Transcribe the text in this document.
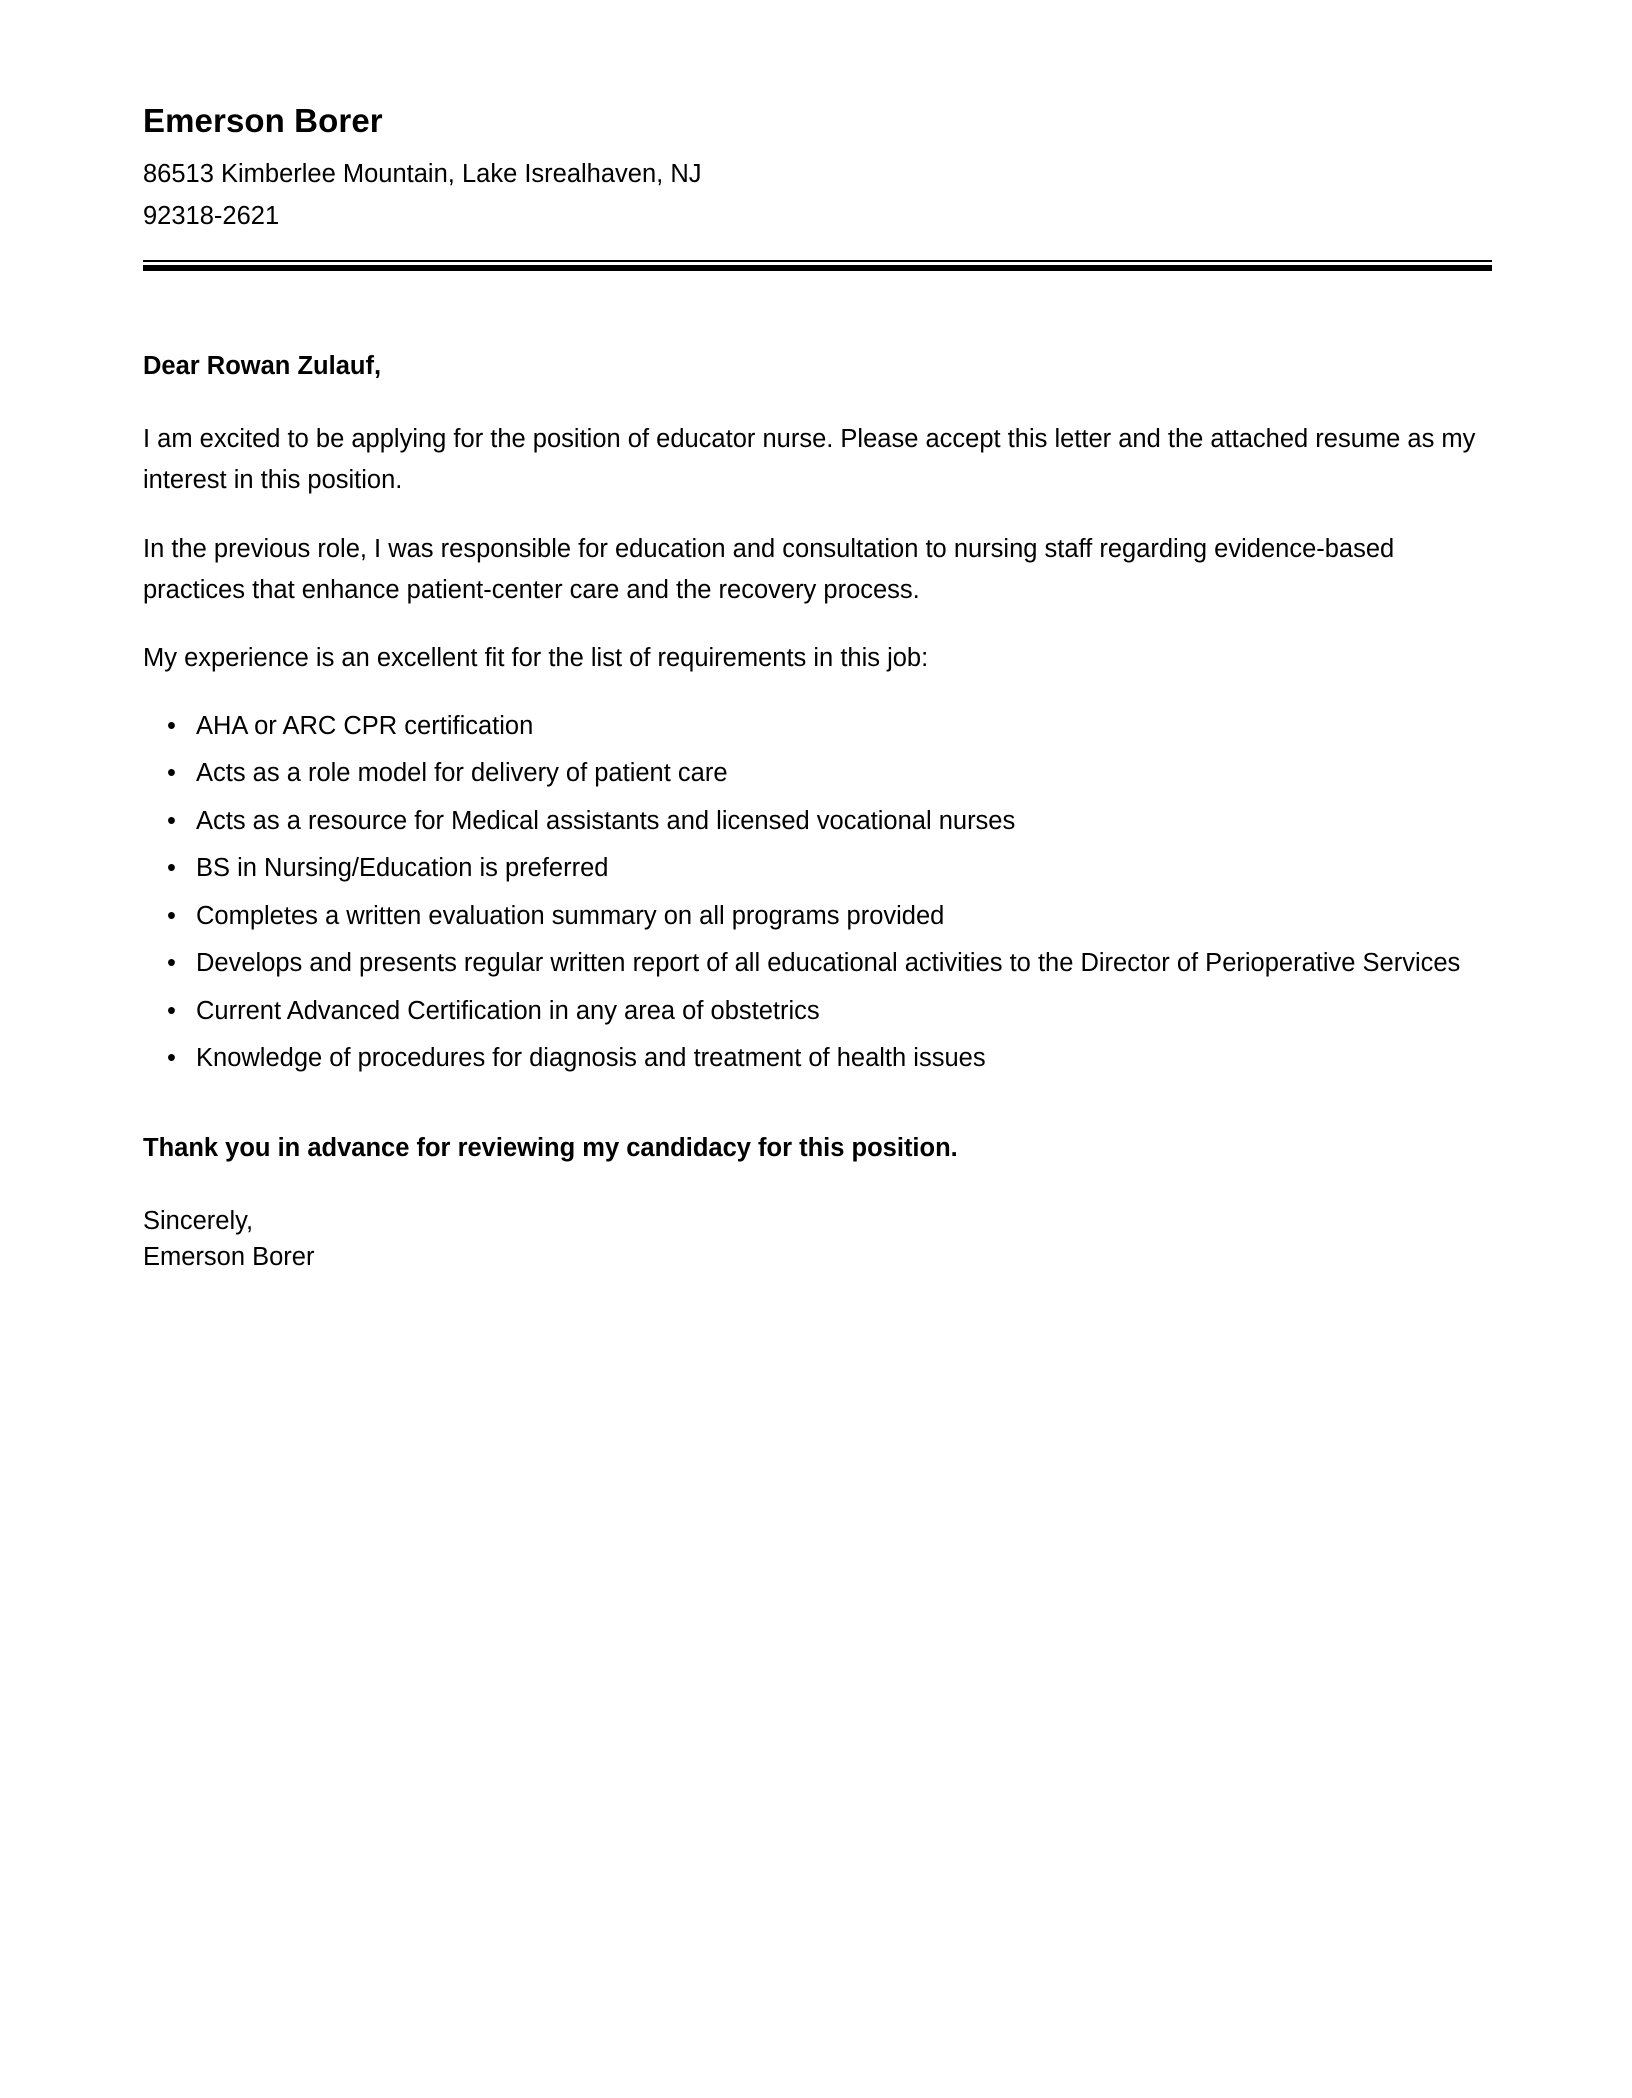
Emerson Borer

86513 Kimberlee Mountain, Lake Isrealhaven, NJ

92318-2621

Dear Rowan Zulauf,

I am excited to be applying for the position of educator nurse. Please accept this letter and the attached resume as my interest in this position.

In the previous role, I was responsible for education and consultation to nursing staff regarding evidence-based practices that enhance patient-center care and the recovery process.

My experience is an excellent fit for the list of requirements in this job:

• AHA or ARC CPR certification
• Acts as a role model for delivery of patient care
• Acts as a resource for Medical assistants and licensed vocational nurses
• BS in Nursing/Education is preferred
• Completes a written evaluation summary on all programs provided
• Develops and presents regular written report of all educational activities to the Director of Perioperative Services
• Current Advanced Certification in any area of obstetrics
• Knowledge of procedures for diagnosis and treatment of health issues

Thank you in advance for reviewing my candidacy for this position.

Sincerely,

Emerson Borer
